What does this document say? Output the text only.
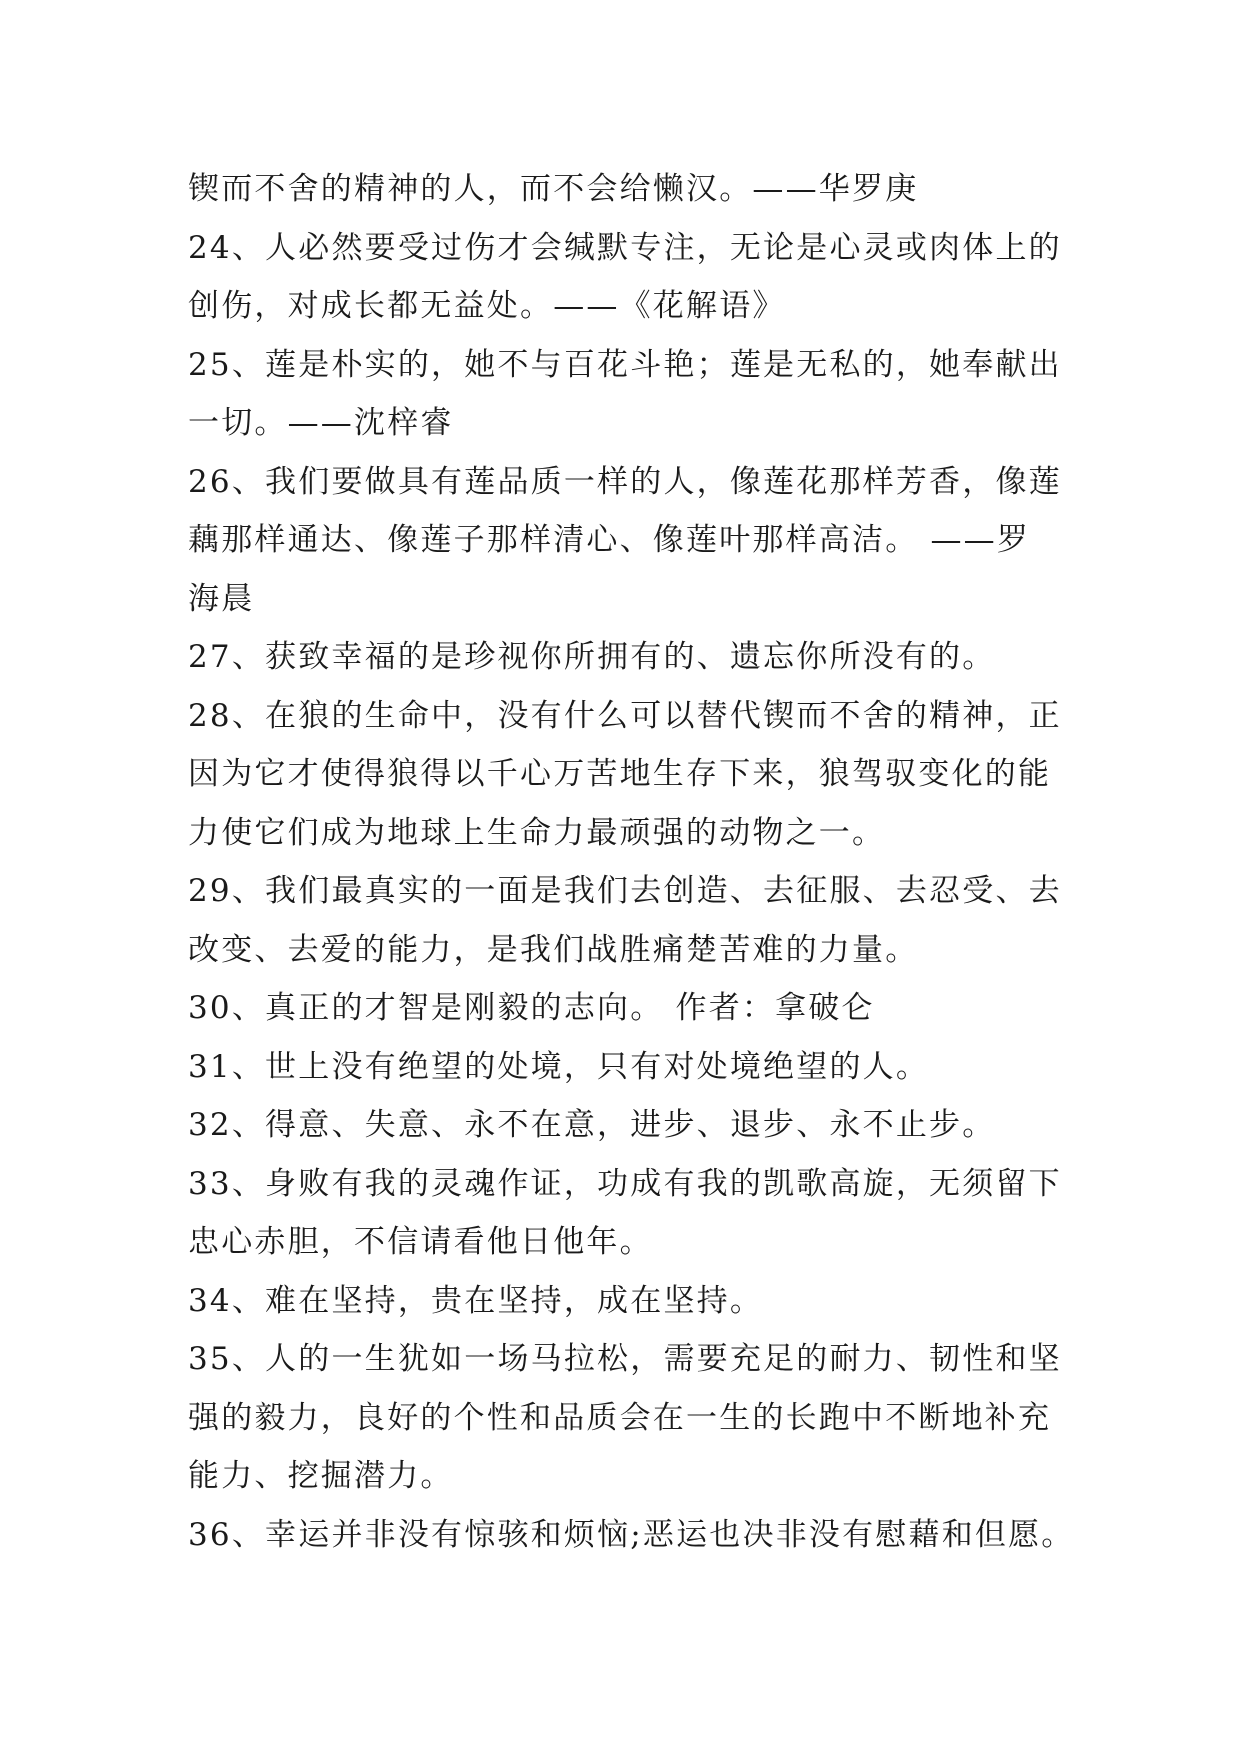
锲而不舍的精神的人，而不会给懒汉。——华罗庚
24、人必然要受过伤才会缄默专注，无论是心灵或肉体上的
创伤，对成长都无益处。——《花解语》
25、莲是朴实的，她不与百花斗艳；莲是无私的，她奉献出
一切。——沈梓睿
26、我们要做具有莲品质一样的人，像莲花那样芳香，像莲
藕那样通达、像莲子那样清心、像莲叶那样高洁。 ——罗
海晨
27、获致幸福的是珍视你所拥有的、遗忘你所没有的。
28、在狼的生命中，没有什么可以替代锲而不舍的精神，正
因为它才使得狼得以千心万苦地生存下来，狼驾驭变化的能
力使它们成为地球上生命力最顽强的动物之一。
29、我们最真实的一面是我们去创造、去征服、去忍受、去
改变、去爱的能力，是我们战胜痛楚苦难的力量。
30、真正的才智是刚毅的志向。 作者：拿破仑
31、世上没有绝望的处境，只有对处境绝望的人。
32、得意、失意、永不在意，进步、退步、永不止步。
33、身败有我的灵魂作证，功成有我的凯歌高旋，无须留下
忠心赤胆，不信请看他日他年。
34、难在坚持，贵在坚持，成在坚持。
35、人的一生犹如一场马拉松，需要充足的耐力、韧性和坚
强的毅力，良好的个性和品质会在一生的长跑中不断地补充
能力、挖掘潜力。
36、幸运并非没有惊骇和烦恼;恶运也决非没有慰藉和但愿。
